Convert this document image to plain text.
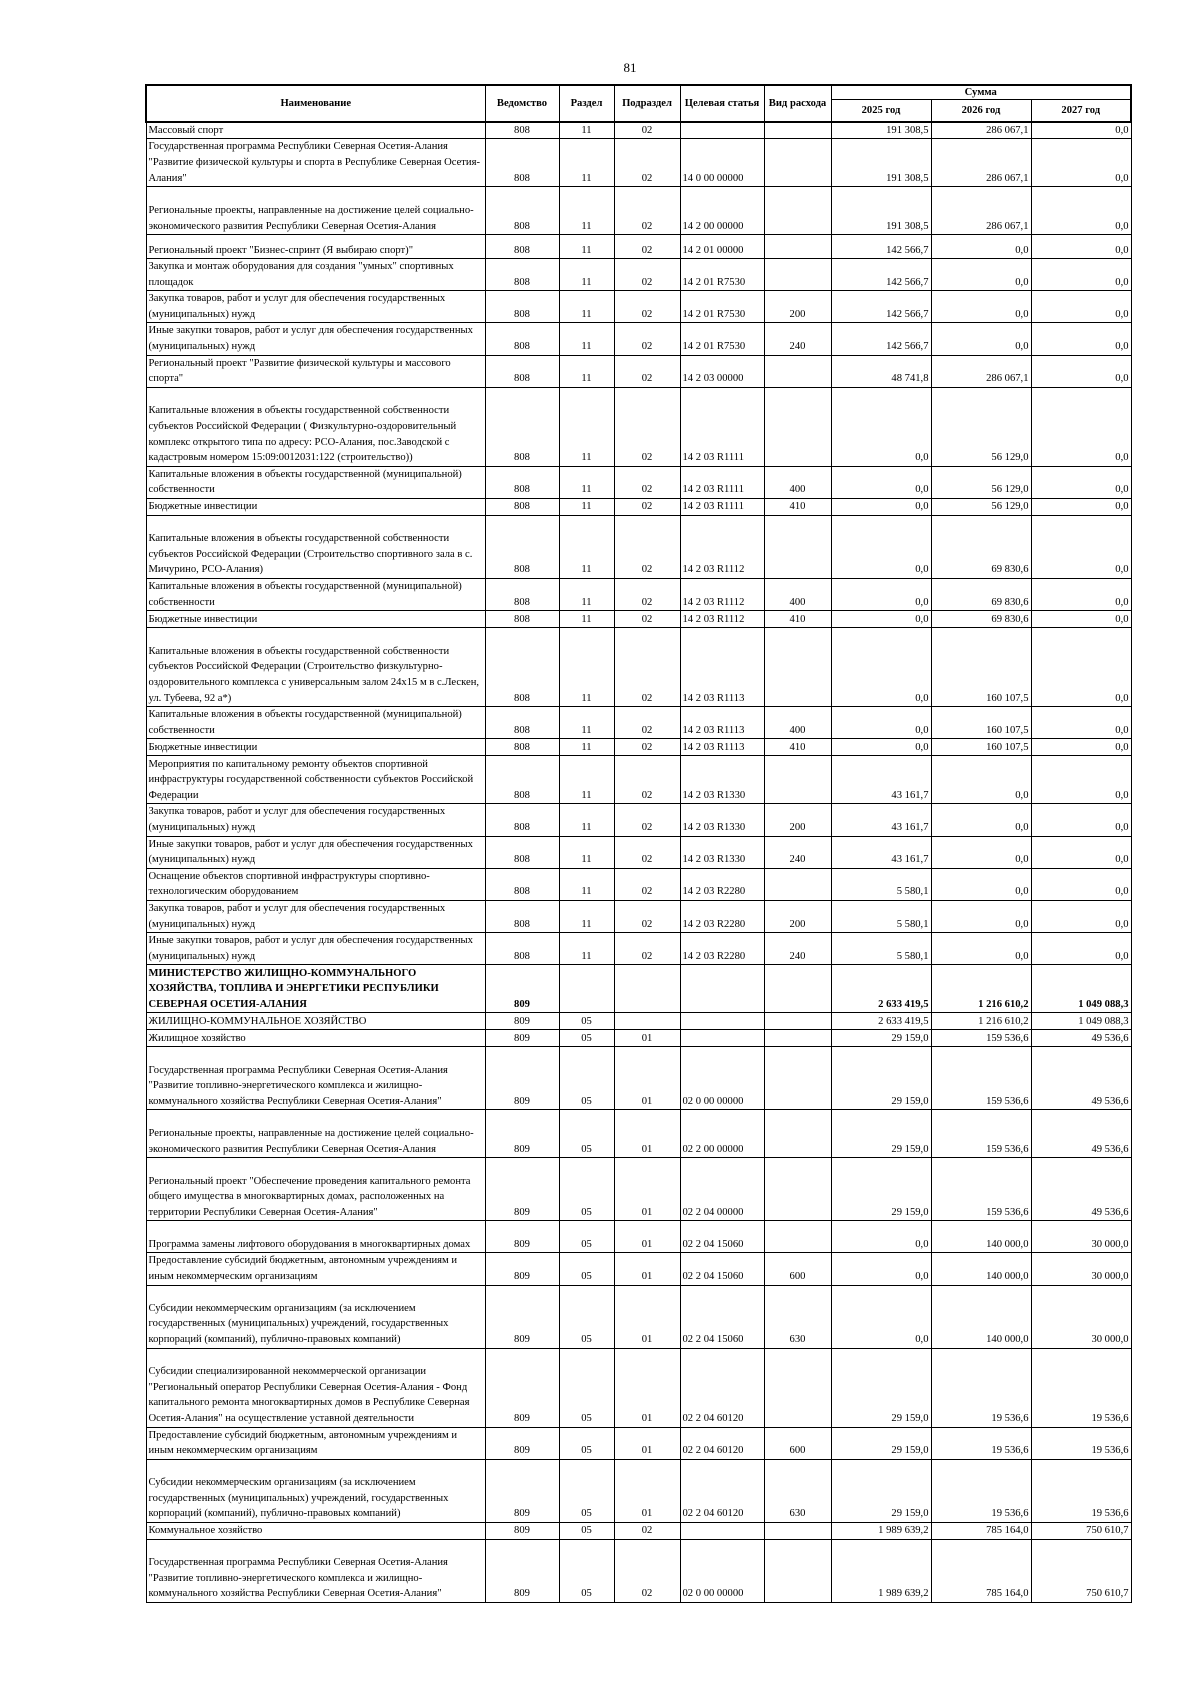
81
Наименование	Ведомство	Раздел	Подраздел	Целевая статья	Вид расхода	Сумма		
						2025 год	2026 год	2027 год
Массовый спорт	808	11	02			191 308,5	286 067,1	0,0
Государственная программа Республики Северная Осетия-Алания "Развитие физической культуры и спорта в Республике Северная Осетия-Алания"	808	11	02	14 0 00 00000		191 308,5	286 067,1	0,0
Региональные проекты, направленные на достижение целей социально-экономического развития Республики Северная Осетия-Алания	808	11	02	14 2 00 00000		191 308,5	286 067,1	0,0
Региональный проект "Бизнес-спринт (Я выбираю спорт)"	808	11	02	14 2 01 00000		142 566,7	0,0	0,0
Закупка и монтаж оборудования для создания "умных" спортивных площадок	808	11	02	14 2 01 R7530		142 566,7	0,0	0,0
Закупка товаров, работ и услуг для обеспечения государственных (муниципальных) нужд	808	11	02	14 2 01 R7530	200	142 566,7	0,0	0,0
Иные закупки товаров, работ и услуг для обеспечения государственных (муниципальных) нужд	808	11	02	14 2 01 R7530	240	142 566,7	0,0	0,0
Региональный проект "Развитие физической культуры и массового спорта"	808	11	02	14 2 03 00000		48 741,8	286 067,1	0,0
Капитальные вложения в объекты государственной собственности субъектов Российской Федерации ( Физкультурно-оздоровительный комплекс открытого типа по адресу: РСО-Алания, пос.Заводской с кадастровым номером 15:09:0012031:122 (строительство))	808	11	02	14 2 03 R1111		0,0	56 129,0	0,0
Капитальные вложения в объекты государственной (муниципальной) собственности	808	11	02	14 2 03 R1111	400	0,0	56 129,0	0,0
Бюджетные инвестиции	808	11	02	14 2 03 R1111	410	0,0	56 129,0	0,0
Капитальные вложения в объекты государственной собственности субъектов Российской Федерации (Строительство спортивного зала в с. Мичурино, РСО-Алания)	808	11	02	14 2 03 R1112		0,0	69 830,6	0,0
Капитальные вложения в объекты государственной (муниципальной) собственности	808	11	02	14 2 03 R1112	400	0,0	69 830,6	0,0
Бюджетные инвестиции	808	11	02	14 2 03 R1112	410	0,0	69 830,6	0,0
Капитальные вложения в объекты государственной собственности субъектов Российской Федерации (Строительство физкультурно-оздоровительного комплекса с универсальным залом 24х15 м в с.Лескен, ул. Тубеева, 92 а*)	808	11	02	14 2 03 R1113		0,0	160 107,5	0,0
Капитальные вложения в объекты государственной (муниципальной) собственности	808	11	02	14 2 03 R1113	400	0,0	160 107,5	0,0
Бюджетные инвестиции	808	11	02	14 2 03 R1113	410	0,0	160 107,5	0,0
Мероприятия по капитальному ремонту объектов спортивной инфраструктуры государственной собственности субъектов Российской Федерации	808	11	02	14 2 03 R1330		43 161,7	0,0	0,0
Закупка товаров, работ и услуг для обеспечения государственных (муниципальных) нужд	808	11	02	14 2 03 R1330	200	43 161,7	0,0	0,0
Иные закупки товаров, работ и услуг для обеспечения государственных (муниципальных) нужд	808	11	02	14 2 03 R1330	240	43 161,7	0,0	0,0
Оснащение объектов спортивной инфраструктуры спортивно-технологическим оборудованием	808	11	02	14 2 03 R2280		5 580,1	0,0	0,0
Закупка товаров, работ и услуг для обеспечения государственных (муниципальных) нужд	808	11	02	14 2 03 R2280	200	5 580,1	0,0	0,0
Иные закупки товаров, работ и услуг для обеспечения государственных (муниципальных) нужд	808	11	02	14 2 03 R2280	240	5 580,1	0,0	0,0
МИНИСТЕРСТВО ЖИЛИЩНО-КОММУНАЛЬНОГО ХОЗЯЙСТВА, ТОПЛИВА И ЭНЕРГЕТИКИ РЕСПУБЛИКИ СЕВЕРНАЯ ОСЕТИЯ-АЛАНИЯ	809					2 633 419,5	1 216 610,2	1 049 088,3
ЖИЛИЩНО-КОММУНАЛЬНОЕ ХОЗЯЙСТВО	809	05				2 633 419,5	1 216 610,2	1 049 088,3
Жилищное хозяйство	809	05	01			29 159,0	159 536,6	49 536,6
Государственная программа Республики Северная Осетия-Алания "Развитие топливно-энергетического комплекса и жилищно-коммунального хозяйства Республики Северная Осетия-Алания"	809	05	01	02 0 00 00000		29 159,0	159 536,6	49 536,6
Региональные проекты, направленные на достижение целей социально-экономического развития Республики Северная Осетия-Алания	809	05	01	02 2 00 00000		29 159,0	159 536,6	49 536,6
Региональный проект "Обеспечение проведения капитального ремонта общего имущества в многоквартирных домах, расположенных на территории Республики Северная Осетия-Алания"	809	05	01	02 2 04 00000		29 159,0	159 536,6	49 536,6
Программа замены лифтового оборудования в многоквартирных домах	809	05	01	02 2 04 15060		0,0	140 000,0	30 000,0
Предоставление субсидий бюджетным, автономным учреждениям и иным некоммерческим организациям	809	05	01	02 2 04 15060	600	0,0	140 000,0	30 000,0
Субсидии некоммерческим организациям (за исключением государственных (муниципальных) учреждений, государственных корпораций (компаний), публично-правовых компаний)	809	05	01	02 2 04 15060	630	0,0	140 000,0	30 000,0
Субсидии специализированной некоммерческой организации "Региональный оператор Республики Северная Осетия-Алания - Фонд капитального ремонта многоквартирных домов в Республике Северная Осетия-Алания" на осуществление уставной деятельности	809	05	01	02 2 04 60120		29 159,0	19 536,6	19 536,6
Предоставление субсидий бюджетным, автономным учреждениям и иным некоммерческим организациям	809	05	01	02 2 04 60120	600	29 159,0	19 536,6	19 536,6
Субсидии некоммерческим организациям (за исключением государственных (муниципальных) учреждений, государственных корпораций (компаний), публично-правовых компаний)	809	05	01	02 2 04 60120	630	29 159,0	19 536,6	19 536,6
Коммунальное хозяйство	809	05	02			1 989 639,2	785 164,0	750 610,7
Государственная программа Республики Северная Осетия-Алания "Развитие топливно-энергетического комплекса и жилищно-коммунального хозяйства Республики Северная Осетия-Алания"	809	05	02	02 0 00 00000		1 989 639,2	785 164,0	750 610,7
